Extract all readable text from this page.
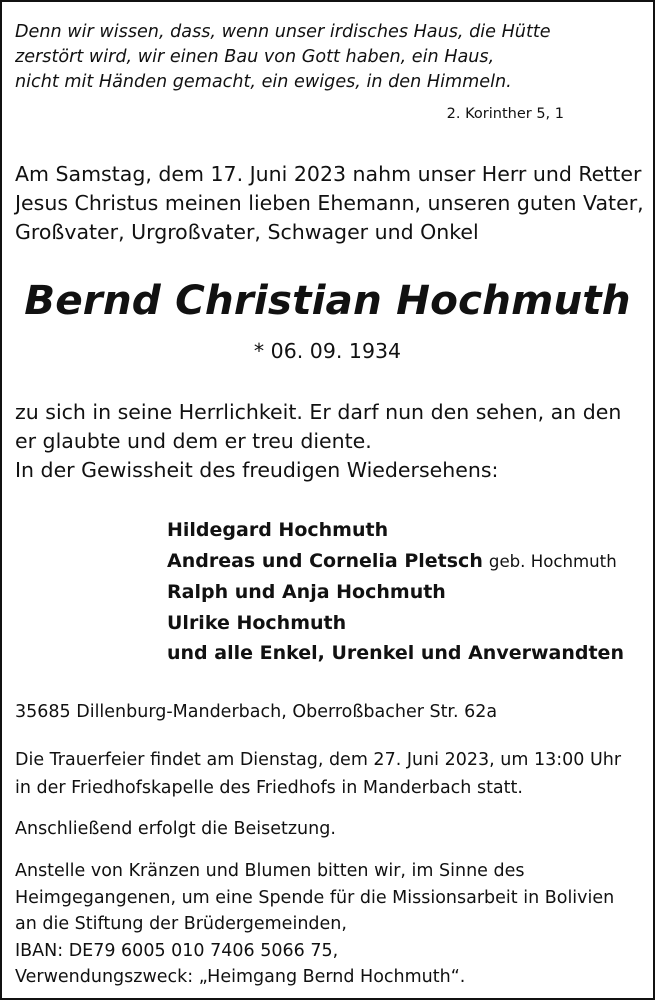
Denn wir wissen, dass, wenn unser irdisches Haus, die Hütte
zerstört wird, wir einen Bau von Gott haben, ein Haus,
nicht mit Händen gemacht, ein ewiges, in den Himmeln.
2. Korinther 5, 1
Am Samstag, dem 17. Juni 2023 nahm unser Herr und Retter
Jesus Christus meinen lieben Ehemann, unseren guten Vater,
Großvater, Urgroßvater, Schwager und Onkel
Bernd Christian Hochmuth
* 06. 09. 1934
zu sich in seine Herrlichkeit. Er darf nun den sehen, an den
er glaubte und dem er treu diente.
In der Gewissheit des freudigen Wiedersehens:
Hildegard Hochmuth
Andreas und Cornelia Pletsch geb. Hochmuth
Ralph und Anja Hochmuth
Ulrike Hochmuth
und alle Enkel, Urenkel und Anverwandten
35685 Dillenburg-Manderbach, Oberroßbacher Str. 62a
Die Trauerfeier findet am Dienstag, dem 27. Juni 2023, um 13:00 Uhr
in der Friedhofskapelle des Friedhofs in Manderbach statt.
Anschließend erfolgt die Beisetzung.
Anstelle von Kränzen und Blumen bitten wir, im Sinne des
Heimgegangenen, um eine Spende für die Missionsarbeit in Bolivien
an die Stiftung der Brüdergemeinden,
IBAN: DE79 6005 010 7406 5066 75,
Verwendungszweck: „Heimgang Bernd Hochmuth“.
